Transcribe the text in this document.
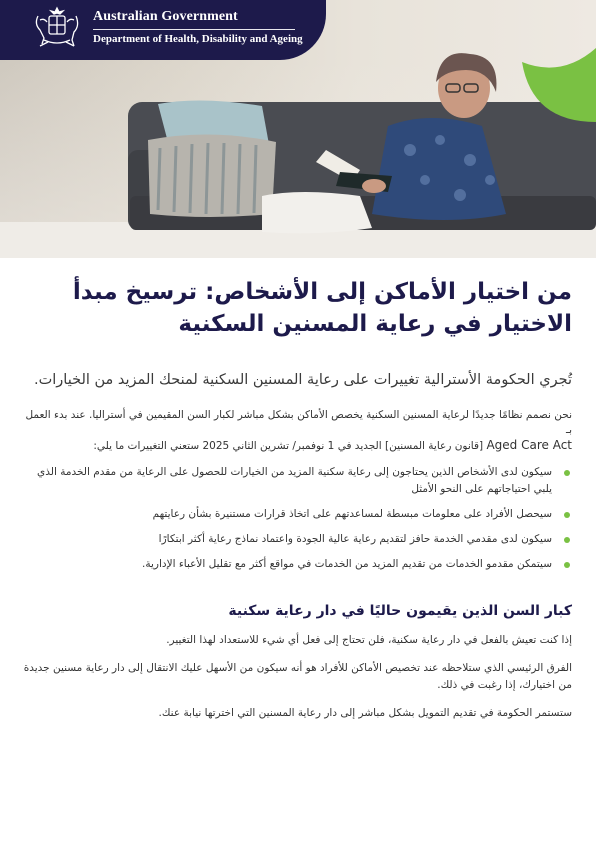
Australian Government
Department of Health, Disability and Ageing
من اختيار الأماكن إلى الأشخاص: ترسيخ مبدأ الاختيار في رعاية المسنين السكنية

تُجري الحكومة الأسترالية تغييرات على رعاية المسنين السكنية لمنحك المزيد من الخيارات.

نحن نصمم نظامًا جديدًا لرعاية المسنين السكنية يخصص الأماكن بشكل مباشر لكبار السن المقيمين في أستراليا. عند بدء العمل بـ
Aged Care Act [قانون رعاية المسنين] الجديد في 1 نوفمبر/ تشرين الثاني 2025 ستعني التغييرات ما يلي:
سيكون لدى الأشخاص الذين يحتاجون إلى رعاية سكنية المزيد من الخيارات للحصول على الرعاية من مقدم الخدمة الذي يلبي احتياجاتهم على النحو الأمثل
سيحصل الأفراد على معلومات مبسطة لمساعدتهم على اتخاذ قرارات مستنيرة بشأن رعايتهم
سيكون لدى مقدمي الخدمة حافز لتقديم رعاية عالية الجودة واعتماد نماذج رعاية أكثر ابتكارًا
سيتمكن مقدمو الخدمات من تقديم المزيد من الخدمات في مواقع أكثر مع تقليل الأعباء الإدارية.
كبار السن الذين يقيمون حاليًا في دار رعاية سكنية

إذا كنت تعيش بالفعل في دار رعاية سكنية، فلن تحتاج إلى فعل أي شيء للاستعداد لهذا التغيير.

الفرق الرئيسي الذي ستلاحظه عند تخصيص الأماكن للأفراد هو أنه سيكون من الأسهل عليك الانتقال إلى دار رعاية مسنين جديدة من اختيارك، إذا رغبت في ذلك.

ستستمر الحكومة في تقديم التمويل بشكل مباشر إلى دار رعاية المسنين التي اخترتها نيابة عنك.
